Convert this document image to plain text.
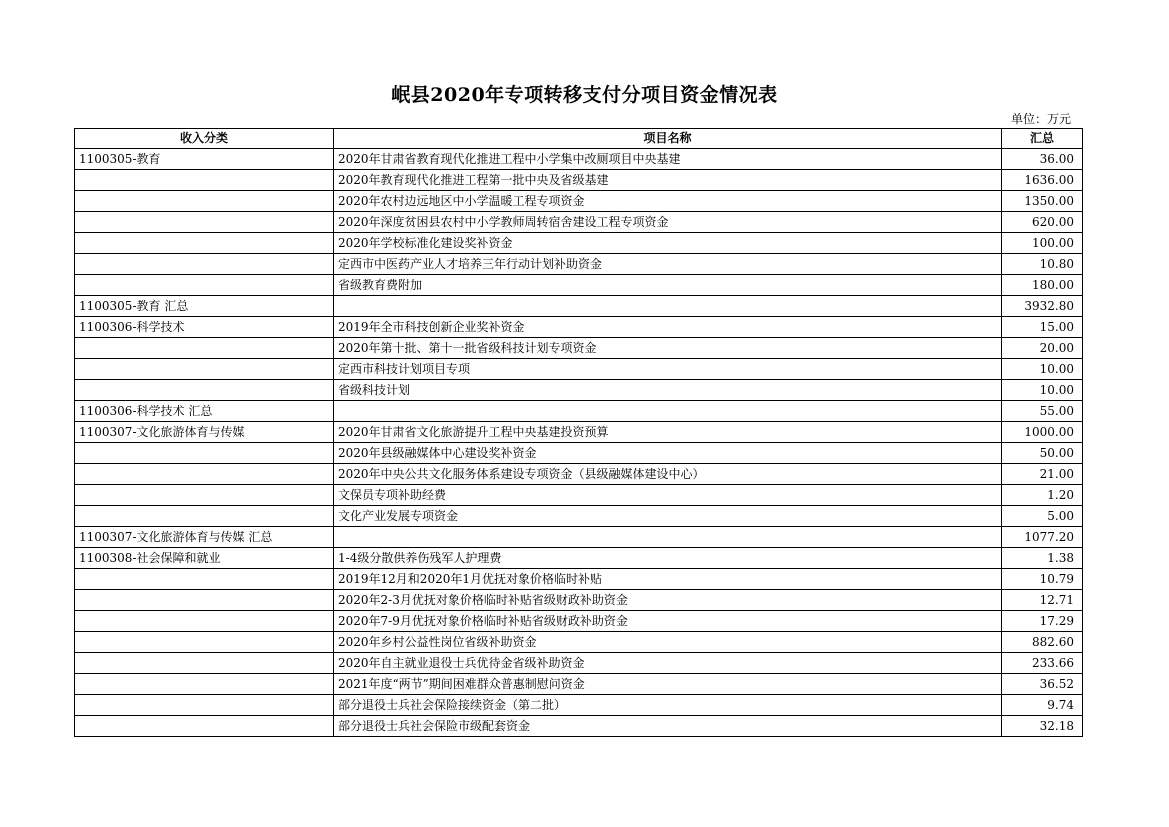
岷县2020年专项转移支付分项目资金情况表
单位：万元
收入分类	项目名称	汇总
1100305-教育	2020年甘肃省教育现代化推进工程中小学集中改厕项目中央基建	36.00
	2020年教育现代化推进工程第一批中央及省级基建	1636.00
	2020年农村边远地区中小学温暖工程专项资金	1350.00
	2020年深度贫困县农村中小学教师周转宿舍建设工程专项资金	620.00
	2020年学校标准化建设奖补资金	100.00
	定西市中医药产业人才培养三年行动计划补助资金	10.80
	省级教育费附加	180.00
1100305-教育 汇总		3932.80
1100306-科学技术	2019年全市科技创新企业奖补资金	15.00
	2020年第十批、第十一批省级科技计划专项资金	20.00
	定西市科技计划项目专项	10.00
	省级科技计划	10.00
1100306-科学技术 汇总		55.00
1100307-文化旅游体育与传媒	2020年甘肃省文化旅游提升工程中央基建投资预算	1000.00
	2020年县级融媒体中心建设奖补资金	50.00
	2020年中央公共文化服务体系建设专项资金（县级融媒体建设中心）	21.00
	文保员专项补助经费	1.20
	文化产业发展专项资金	5.00
1100307-文化旅游体育与传媒 汇总		1077.20
1100308-社会保障和就业	1-4级分散供养伤残军人护理费	1.38
	2019年12月和2020年1月优抚对象价格临时补贴	10.79
	2020年2-3月优抚对象价格临时补贴省级财政补助资金	12.71
	2020年7-9月优抚对象价格临时补贴省级财政补助资金	17.29
	2020年乡村公益性岗位省级补助资金	882.60
	2020年自主就业退役士兵优待金省级补助资金	233.66
	2021年度“两节”期间困难群众普惠制慰问资金	36.52
	部分退役士兵社会保险接续资金（第二批）	9.74
	部分退役士兵社会保险市级配套资金	32.18
